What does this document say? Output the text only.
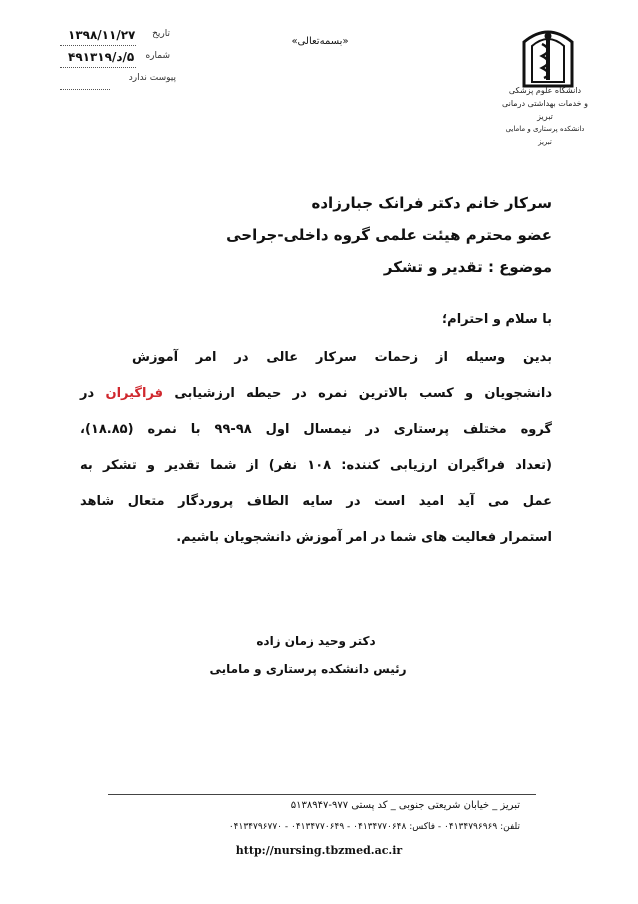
۱۳۹۸/۱۱/۲۷ تاریخ
۵/د/۴۹۱۳۱۹ شماره
پیوست ندارد
«بسمه‌تعالی»
دانشگاه علوم پزشکی
و خدمات بهداشتی درمانی تبریز
دانشکده پرستاری و مامایی تبریز
سرکار خانم دکتر فرانک جبارزاده
عضو محترم هیئت علمی گروه داخلی-جراحی
موضوع : تقدیر و تشکر
با سلام و احترام؛
بدین وسیله از زحمات سرکار عالی در امر آموزش
دانشجویان و کسب بالاترین نمره در حیطه ارزشیابی فراگیران در
گروه مختلف پرستاری در نیمسال اول ۹۸-۹۹ با نمره (۱۸.۸۵)،
(تعداد فراگیران ارزیابی کننده: ۱۰۸ نفر) از شما تقدیر و تشکر به
عمل می آید امید است در سایه الطاف پروردگار متعال شاهد
استمرار فعالیت های شما در امر آموزش دانشجویان باشیم.
دکتر وحید زمان زاده
رئیس دانشکده پرستاری و مامایی
تبریز _ خیابان شریعتی جنوبی _ کد پستی ۹۷۷-۵۱۳۸۹۴۷
تلفن: ۰۴۱۳۴۷۹۶۹۶۹ - فاکس: ۰۴۱۳۴۷۷۰۶۴۸ - ۰۴۱۳۴۷۷۰۶۴۹ - ۰۴۱۳۴۷۹۶۷۷۰
http://nursing.tbzmed.ac.ir
